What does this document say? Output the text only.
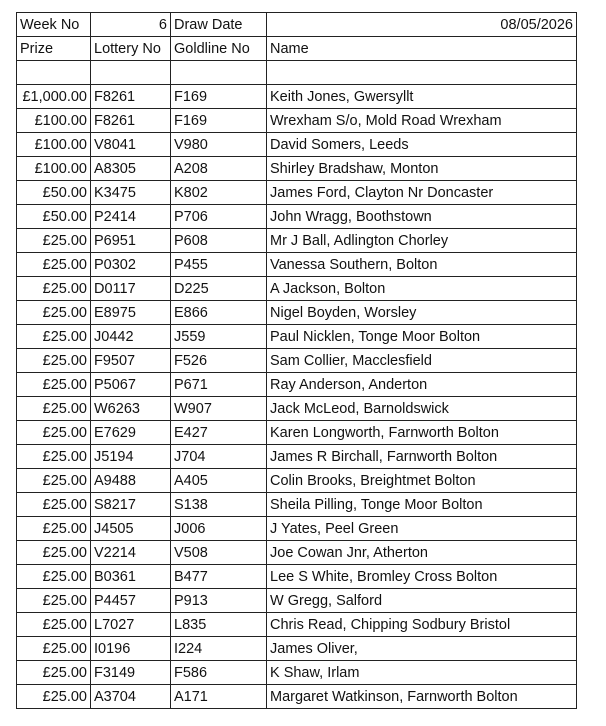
Week No	6	Draw Date	08/05/2026
Prize	Lottery No	Goldline No	Name

£1,000.00	F8261	F169	Keith Jones, Gwersyllt
£100.00	F8261	F169	Wrexham S/o, Mold Road Wrexham
£100.00	V8041	V980	David Somers, Leeds
£100.00	A8305	A208	Shirley Bradshaw, Monton
£50.00	K3475	K802	James Ford, Clayton Nr Doncaster
£50.00	P2414	P706	John Wragg, Boothstown
£25.00	P6951	P608	Mr J Ball, Adlington Chorley
£25.00	P0302	P455	Vanessa Southern, Bolton
£25.00	D0117	D225	A Jackson, Bolton
£25.00	E8975	E866	Nigel Boyden, Worsley
£25.00	J0442	J559	Paul Nicklen, Tonge Moor Bolton
£25.00	F9507	F526	Sam Collier, Macclesfield
£25.00	P5067	P671	Ray Anderson, Anderton
£25.00	W6263	W907	Jack McLeod, Barnoldswick
£25.00	E7629	E427	Karen Longworth, Farnworth Bolton
£25.00	J5194	J704	James R Birchall, Farnworth Bolton
£25.00	A9488	A405	Colin Brooks, Breightmet Bolton
£25.00	S8217	S138	Sheila Pilling, Tonge Moor Bolton
£25.00	J4505	J006	J Yates, Peel Green
£25.00	V2214	V508	Joe Cowan Jnr, Atherton
£25.00	B0361	B477	Lee S White, Bromley Cross Bolton
£25.00	P4457	P913	W Gregg, Salford
£25.00	L7027	L835	Chris Read, Chipping Sodbury Bristol
£25.00	I0196	I224	James Oliver,
£25.00	F3149	F586	K Shaw, Irlam
£25.00	A3704	A171	Margaret Watkinson, Farnworth Bolton
